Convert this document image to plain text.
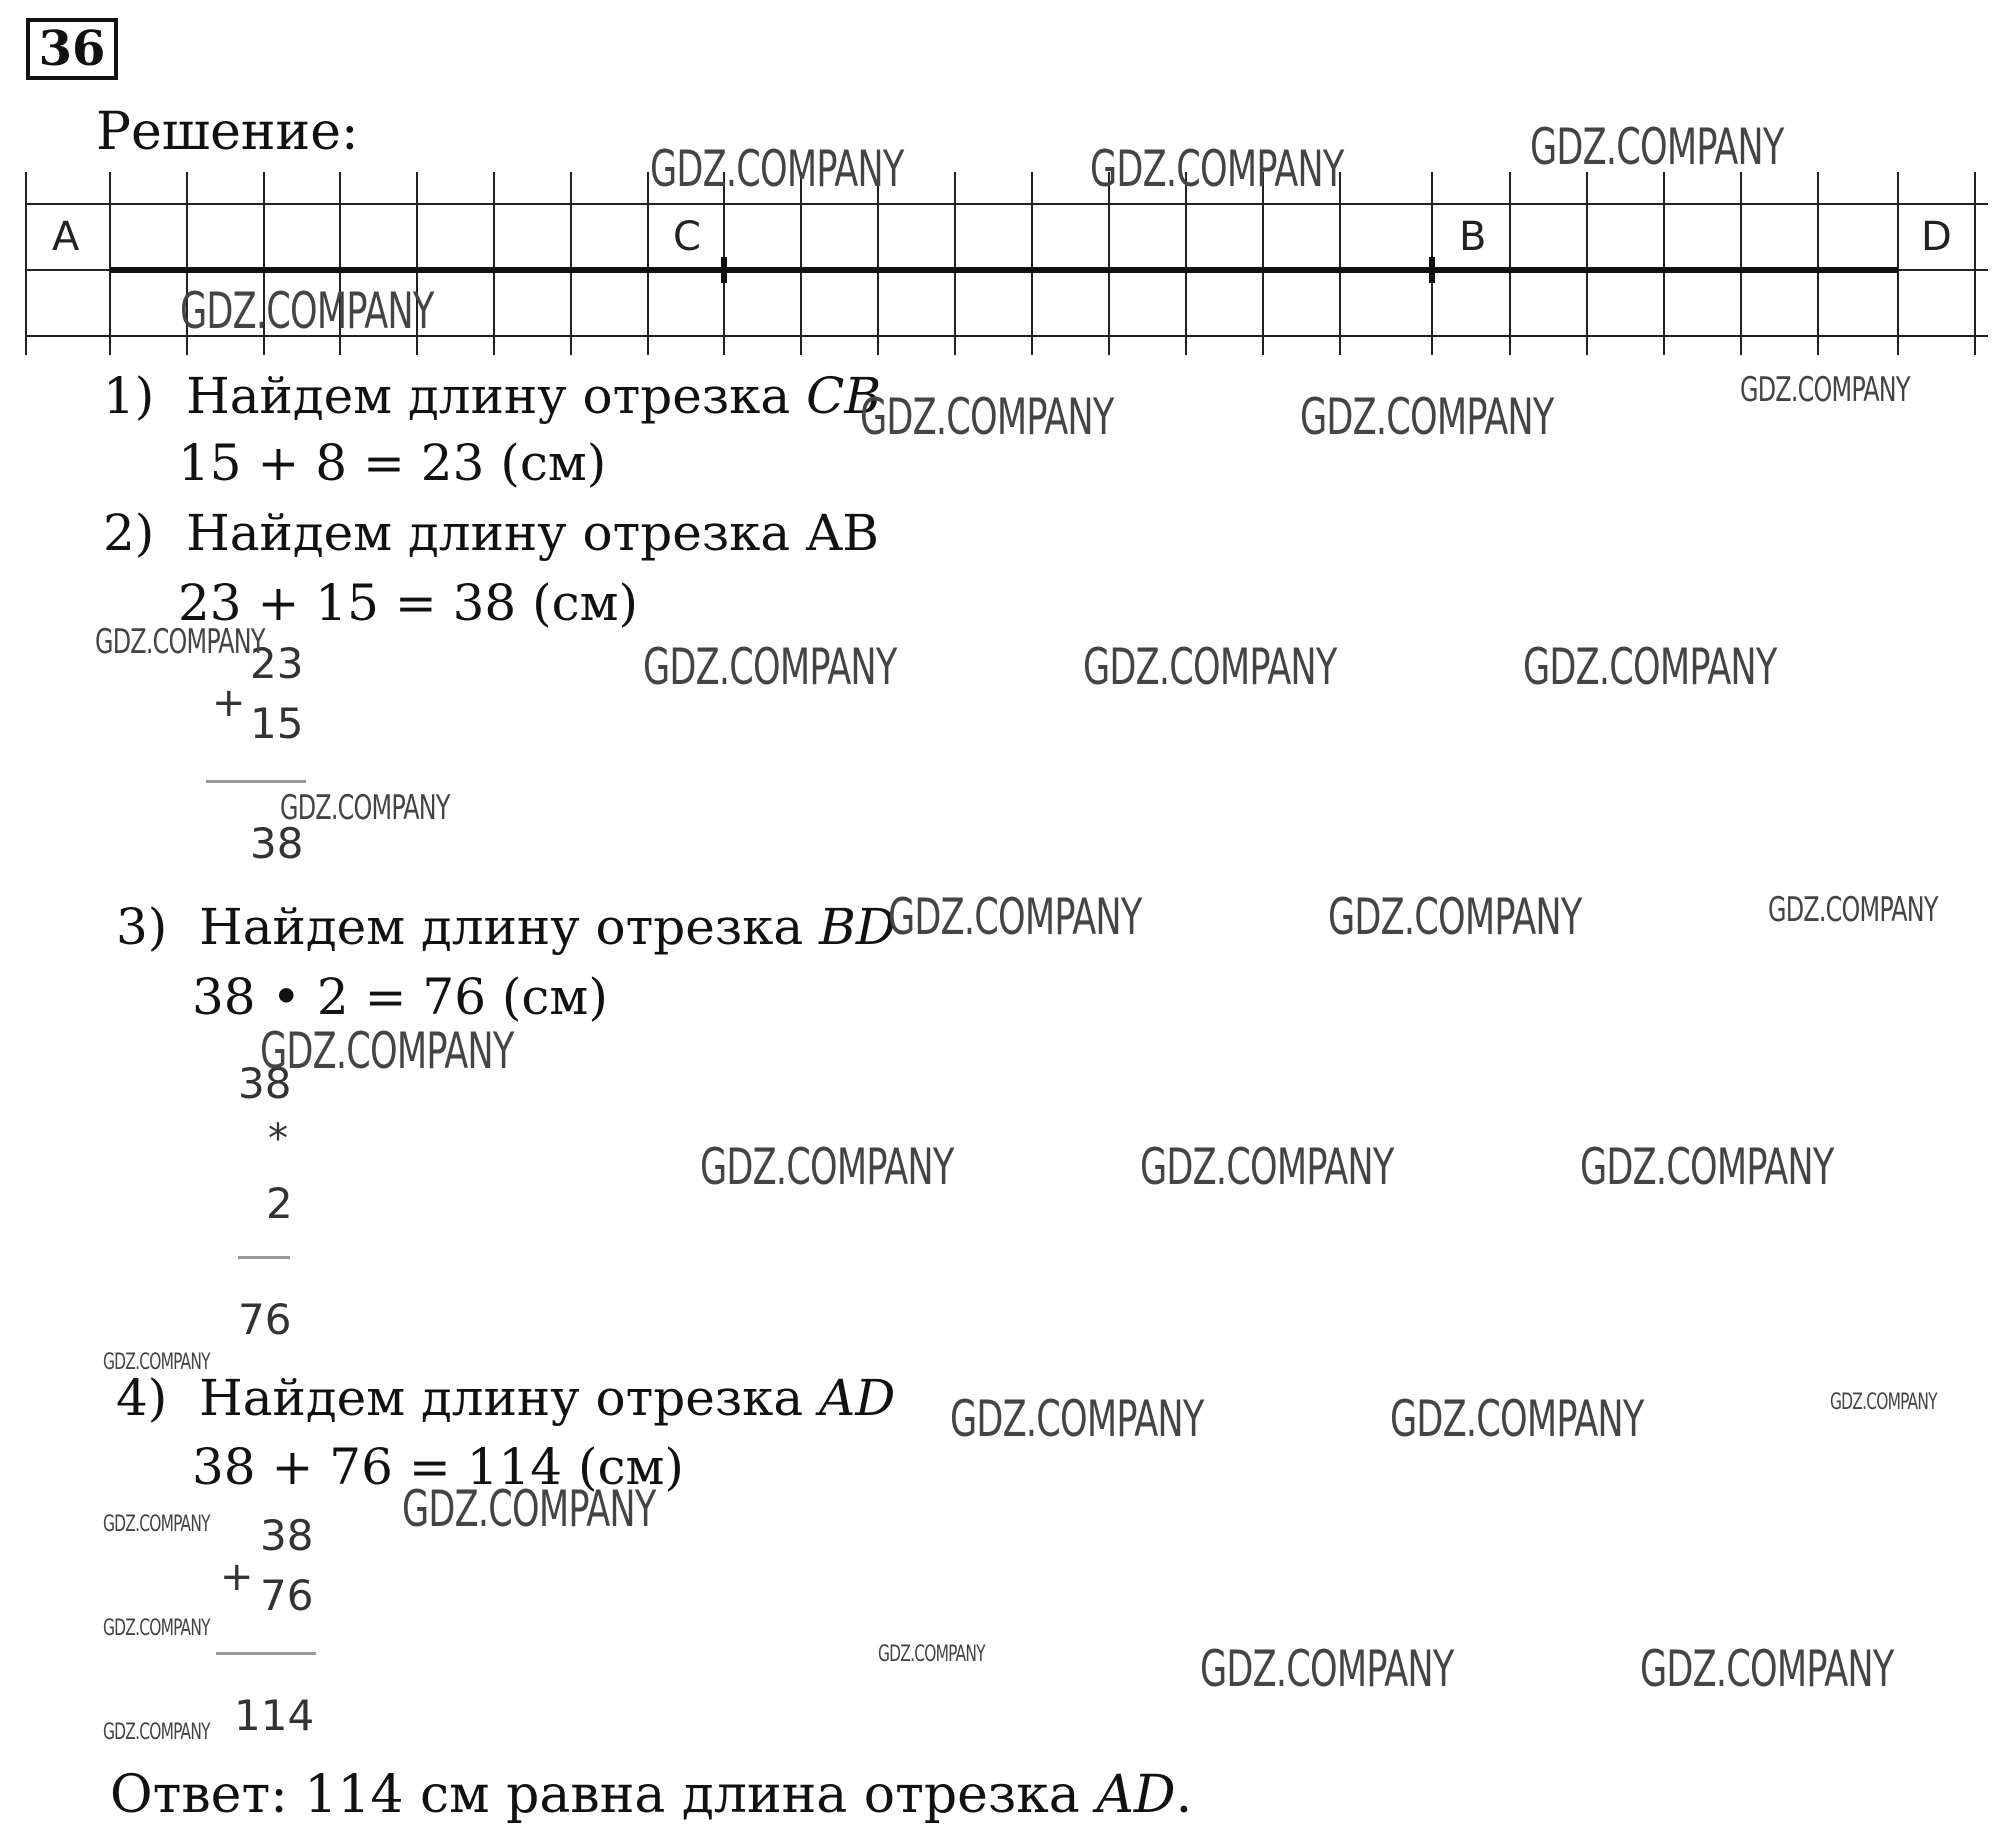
36
Решение:
A	C	B	D
1) Найдем длину отрезка CB
15 + 8 = 23 (см)
2) Найдем длину отрезка AB
23 + 15 = 38 (см)
23
+ 15
38
3) Найдем длину отрезка BD
38 • 2 = 76 (см)
38
*
2
76
4) Найдем длину отрезка AD
38 + 76 = 114 (см)
38
+ 76
114
Ответ: 114 см равна длина отрезка AD.
GDZ.COMPANY	GDZ.COMPANY	GDZ.COMPANY
GDZ.COMPANY
GDZ.COMPANY	GDZ.COMPANY	GDZ.COMPANY
GDZ.COMPANY	GDZ.COMPANY	GDZ.COMPANY	GDZ.COMPANY
GDZ.COMPANY
GDZ.COMPANY	GDZ.COMPANY	GDZ.COMPANY
GDZ.COMPANY
GDZ.COMPANY	GDZ.COMPANY	GDZ.COMPANY
GDZ.COMPANY
GDZ.COMPANY	GDZ.COMPANY	GDZ.COMPANY
GDZ.COMPANY
GDZ.COMPANY
GDZ.COMPANY
GDZ.COMPANY	GDZ.COMPANY	GDZ.COMPANY
GDZ.COMPANY
